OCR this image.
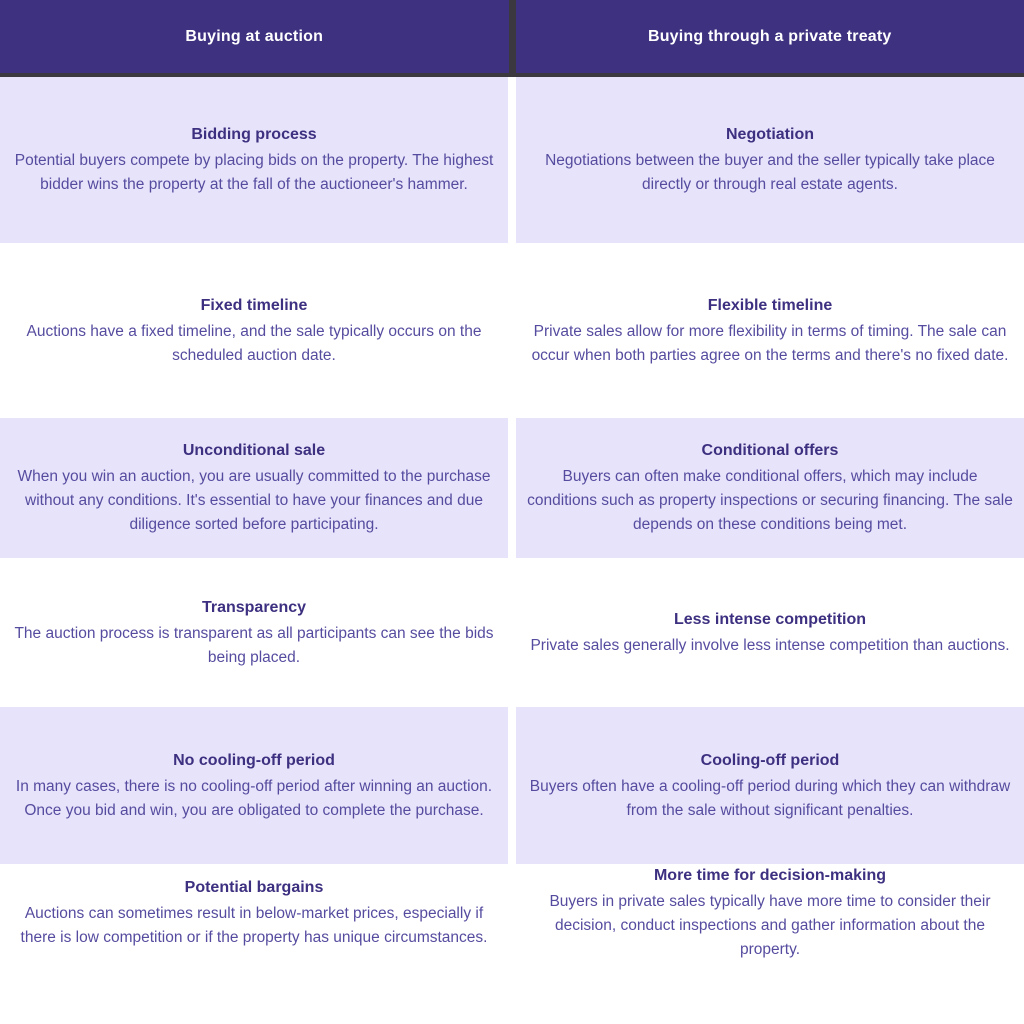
Buying at auction	Buying through a private treaty
Bidding process

Potential buyers compete by placing bids on the property. The highest bidder wins the property at the fall of the auctioneer's hammer.

Negotiation

Negotiations between the buyer and the seller typically take place directly or through real estate agents.

Fixed timeline

Auctions have a fixed timeline, and the sale typically occurs on the scheduled auction date.

Flexible timeline

Private sales allow for more flexibility in terms of timing. The sale can occur when both parties agree on the terms and there's no fixed date.

Unconditional sale

When you win an auction, you are usually committed to the purchase without any conditions. It's essential to have your finances and due diligence sorted before participating.

Conditional offers

Buyers can often make conditional offers, which may include conditions such as property inspections or securing financing. The sale depends on these conditions being met.

Transparency

The auction process is transparent as all participants can see the bids being placed.

Less intense competition

Private sales generally involve less intense competition than auctions.

No cooling-off period

In many cases, there is no cooling-off period after winning an auction. Once you bid and win, you are obligated to complete the purchase.

Cooling-off period

Buyers often have a cooling-off period during which they can withdraw from the sale without significant penalties.

Potential bargains

Auctions can sometimes result in below-market prices, especially if there is low competition or if the property has unique circumstances.

More time for decision-making

Buyers in private sales typically have more time to consider their decision, conduct inspections and gather information about the property.
